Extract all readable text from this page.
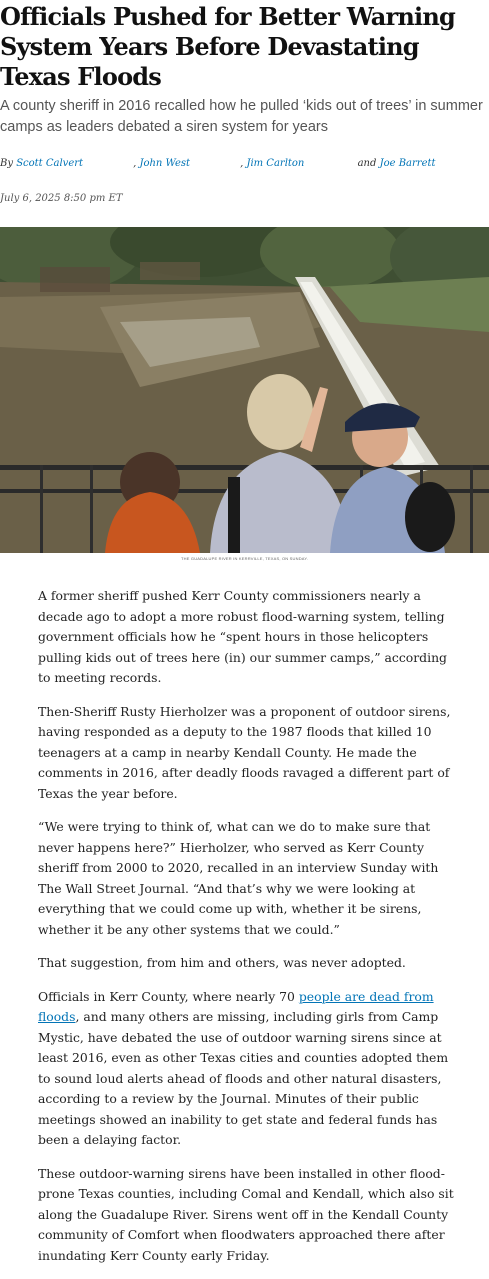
Officials Pushed for Better Warning System Years Before Devastating Texas Floods

A county sheriff in 2016 recalled how he pulled ‘kids out of trees’ in summer camps as leaders debated a siren system for years

By Scott Calvert	, John West	, Jim Carlton	and Joe Barrett
July 6, 2025 8:50 pm ET
THE GUADALUPE RIVER IN KERRVILLE, TEXAS, ON SUNDAY.

A former sheriff pushed Kerr County commissioners nearly a decade ago to adopt a more robust flood-warning system, telling government officials how he “spent hours in those helicopters pulling kids out of trees here (in) our summer camps,” according to meeting records.

Then-Sheriff Rusty Hierholzer was a proponent of outdoor sirens, having responded as a deputy to the 1987 floods that killed 10 teenagers at a camp in nearby Kendall County. He made the comments in 2016, after deadly floods ravaged a different part of Texas the year before.

“We were trying to think of, what can we do to make sure that never happens here?” Hierholzer, who served as Kerr County sheriff from 2000 to 2020, recalled in an interview Sunday with The Wall Street Journal. “And that’s why we were looking at everything that we could come up with, whether it be sirens, whether it be any other systems that we could.”

That suggestion, from him and others, was never adopted.

Officials in Kerr County, where nearly 70 people are dead from floods, and many others are missing, including girls from Camp Mystic, have debated the use of outdoor warning sirens since at least 2016, even as other Texas cities and counties adopted them to sound loud alerts ahead of floods and other natural disasters, according to a review by the Journal. Minutes of their public meetings showed an inability to get state and federal funds has been a delaying factor.

These outdoor-warning sirens have been installed in other flood-prone Texas counties, including Comal and Kendall, which also sit along the Guadalupe River. Sirens went off in the Kendall County community of Comfort when floodwaters approached there after inundating Kerr County early Friday.
